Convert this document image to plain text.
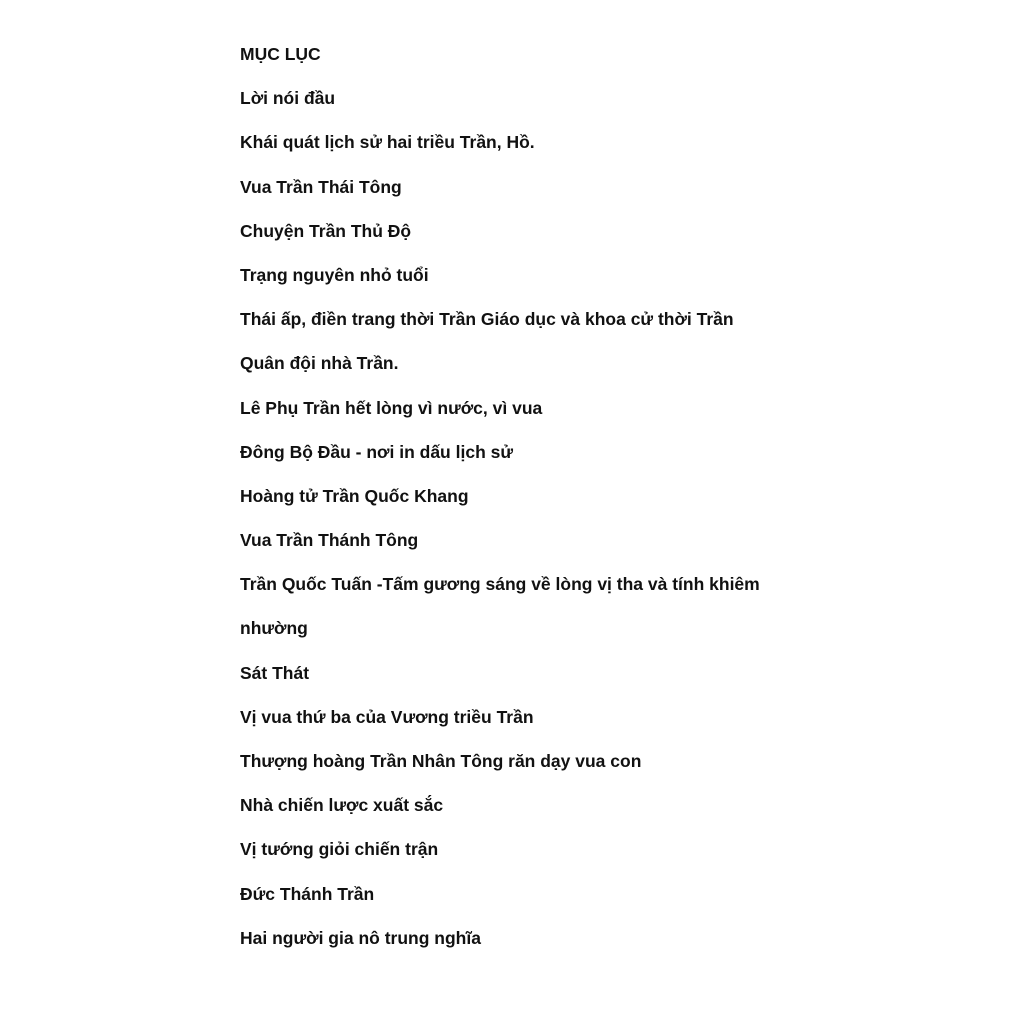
MỤC LỤC
Lời nói đầu
Khái quát lịch sử hai triều Trần, Hồ.
Vua Trần Thái Tông
Chuyện Trần Thủ Độ
Trạng nguyên nhỏ tuổi
Thái ấp, điền trang thời Trần Giáo dục và khoa cử thời Trần
Quân đội nhà Trần.
Lê Phụ Trần hết lòng vì nước, vì vua
Đông Bộ Đầu - nơi in dấu lịch sử
Hoàng tử Trần Quốc Khang
Vua Trần Thánh Tông
Trần Quốc Tuấn -Tấm gương sáng về lòng vị tha và tính khiêm
nhường
Sát Thát
Vị vua thứ ba của Vương triều Trần
Thượng hoàng Trần Nhân Tông răn dạy vua con
Nhà chiến lược xuất sắc
Vị tướng giỏi chiến trận
Đức Thánh Trần
Hai người gia nô trung nghĩa
